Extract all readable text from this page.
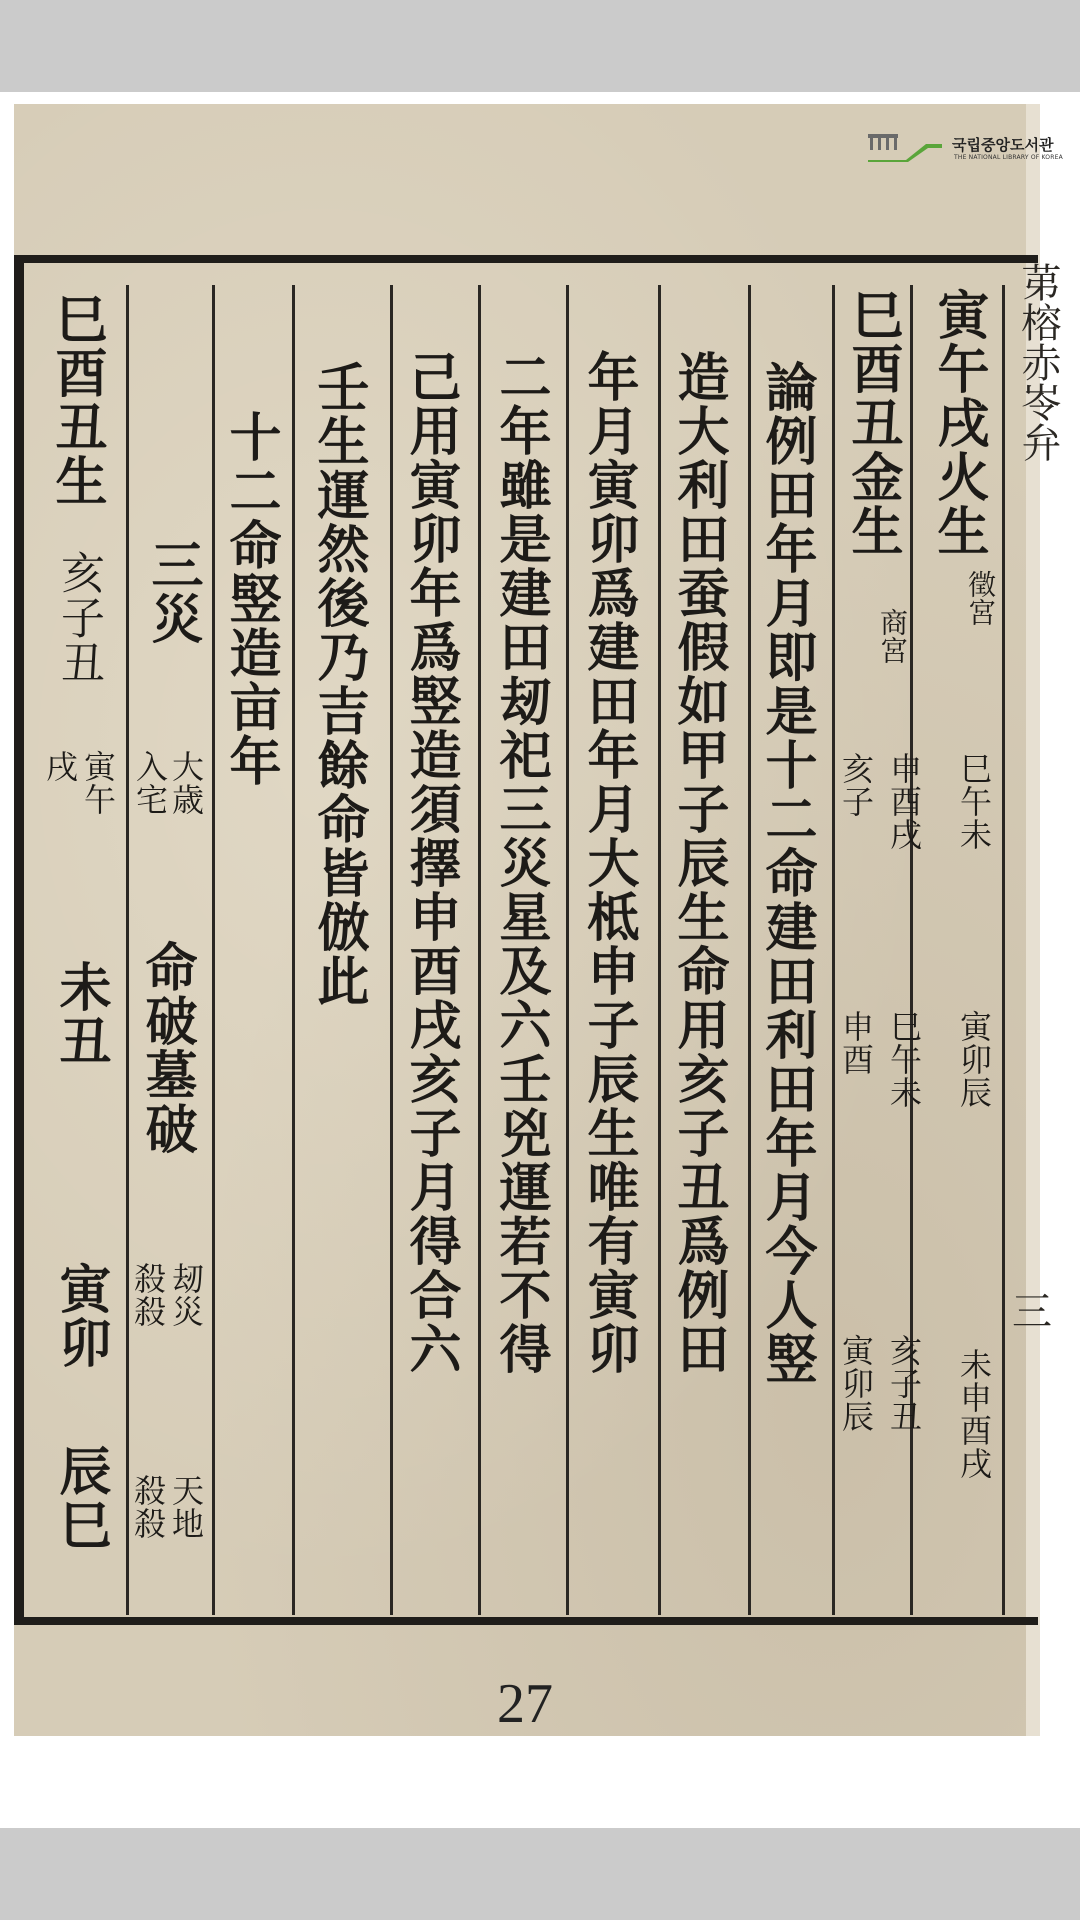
국립중앙도서관
THE NATIONAL LIBRARY OF KOREA
苐榕赤岺弁
三
寅午戌火生
徵宮
巳午未
寅卯辰
未申酉戌
巳酉丑金生
商宮
申酉戌
亥子
巳午未
申酉
亥子丑
寅卯辰
論例田年月即是十二命建田利田年月今人竪
造大利田蚕假如甲子辰生命用亥子丑爲例田
年月寅卯爲建田年月大柢申子辰生唯有寅卯
二年雖是建田刼祀三災星及六壬兇運若不得
己用寅卯年爲竪造須擇申酉戌亥子月得合六
壬生運然後乃吉餘命皆倣此
十二命竪造亩年
大歳
入宅
命破墓破
刼災
殺殺
天地
殺殺
三災
巳酉丑生
亥子丑
寅午
戌
未丑
寅卯
辰巳
27
